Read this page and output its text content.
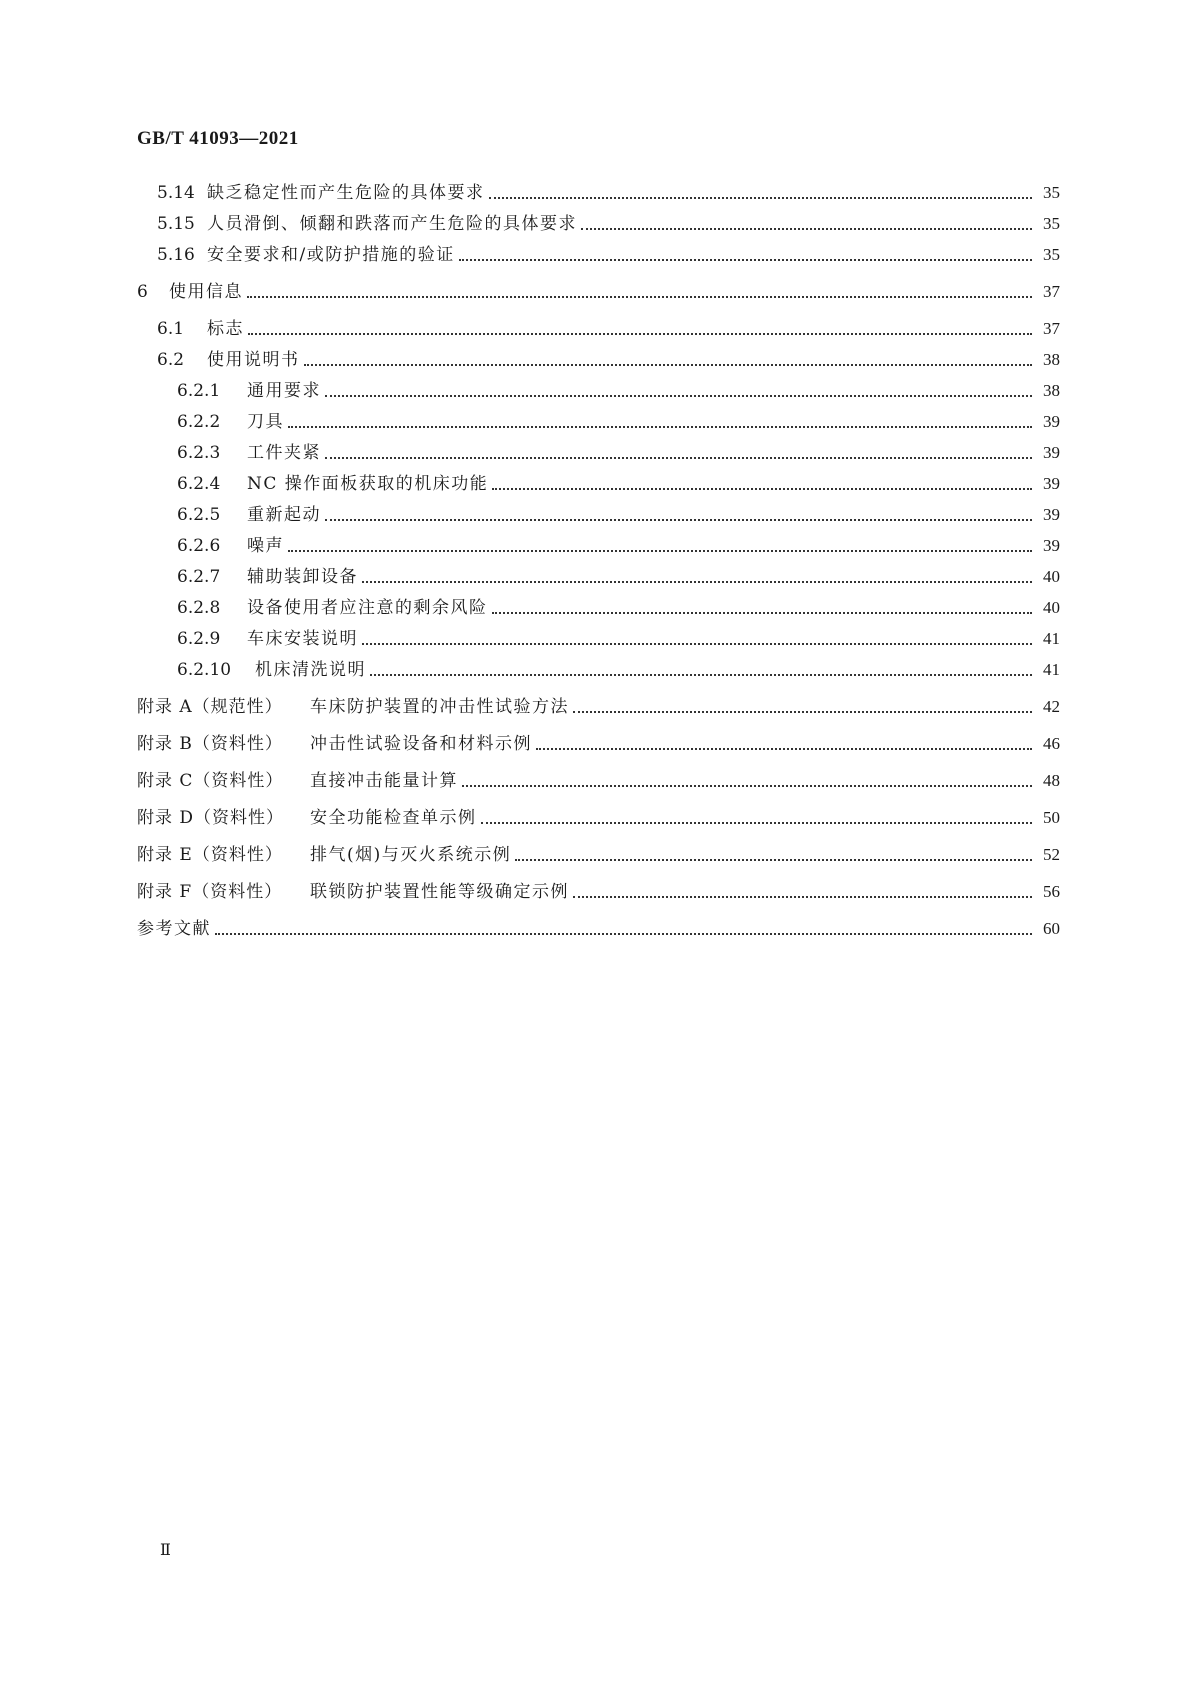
GB/T 41093—2021
5.14 缺乏稳定性而产生危险的具体要求	35
5.15 人员滑倒、倾翻和跌落而产生危险的具体要求	35
5.16 安全要求和/或防护措施的验证	35
6	使用信息	37
6.1	标志	37
6.2	使用说明书	38
6.2.1	通用要求	38
6.2.2	刀具	39
6.2.3	工件夹紧	39
6.2.4	NC 操作面板获取的机床功能	39
6.2.5	重新起动	39
6.2.6	噪声	39
6.2.7	辅助装卸设备	40
6.2.8	设备使用者应注意的剩余风险	40
6.2.9	车床安装说明	41
6.2.10	机床清洗说明	41
附录 A（规范性）	车床防护装置的冲击性试验方法	42
附录 B（资料性）	冲击性试验设备和材料示例	46
附录 C（资料性）	直接冲击能量计算	48
附录 D（资料性）	安全功能检查单示例	50
附录 E（资料性）	排气(烟)与灭火系统示例	52
附录 F（资料性）	联锁防护装置性能等级确定示例	56
参考文献	60
Ⅱ
